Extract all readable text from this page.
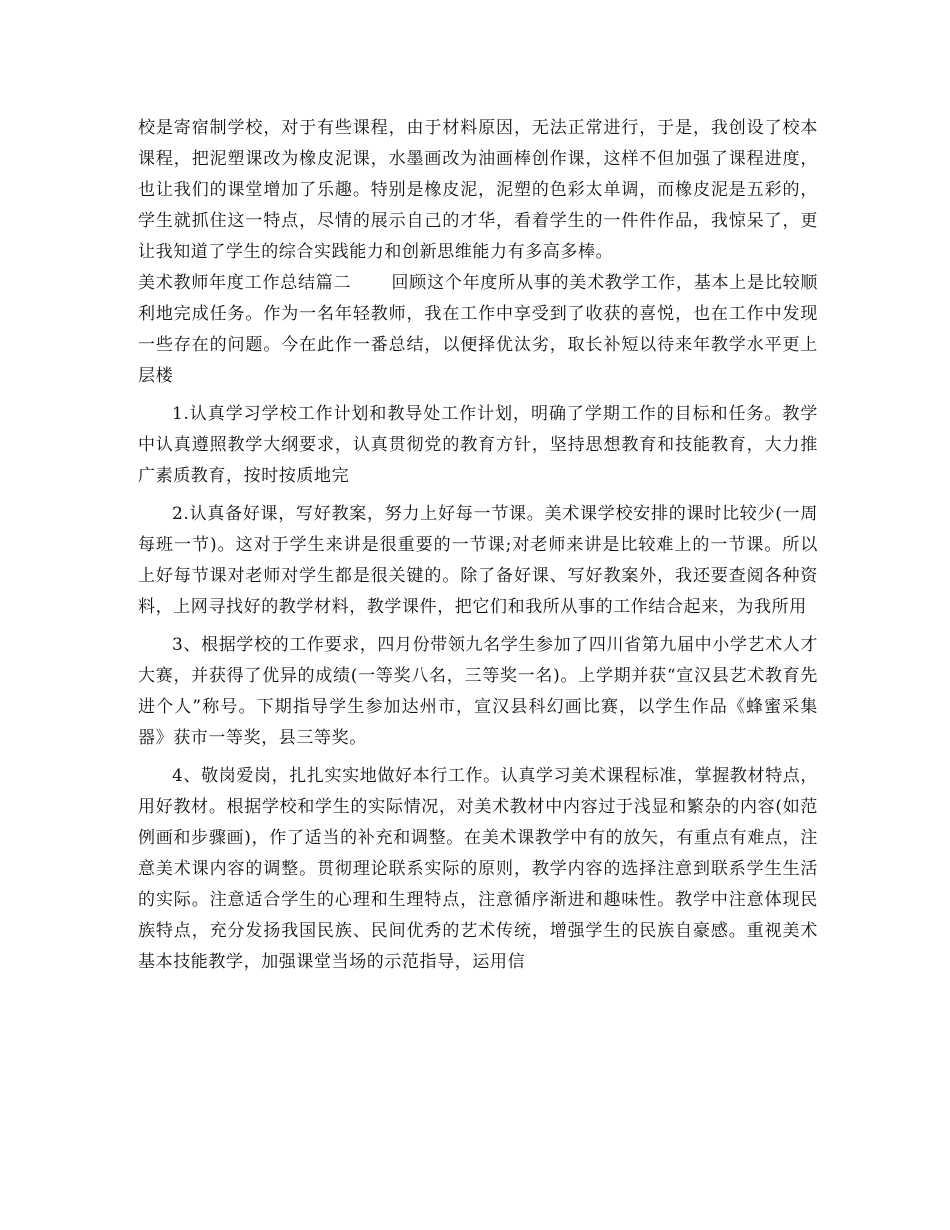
校是寄宿制学校，对于有些课程，由于材料原因，无法正常进行，于是，我创设了校本课程，把泥塑课改为橡皮泥课，水墨画改为油画棒创作课，这样不但加强了课程进度，也让我们的课堂增加了乐趣。特别是橡皮泥，泥塑的色彩太单调，而橡皮泥是五彩的，学生就抓住这一特点，尽情的展示自己的才华，看着学生的一件件作品，我惊呆了，更让我知道了学生的综合实践能力和创新思维能力有多高多棒。

美术教师年度工作总结篇二 回顾这个年度所从事的美术教学工作，基本上是比较顺利地完成任务。作为一名年轻教师，我在工作中享受到了收获的喜悦，也在工作中发现一些存在的问题。今在此作一番总结，以便择优汰劣，取长补短以待来年教学水平更上层楼

1.认真学习学校工作计划和教导处工作计划，明确了学期工作的目标和任务。教学中认真遵照教学大纲要求，认真贯彻党的教育方针，坚持思想教育和技能教育，大力推广素质教育，按时按质地完

2.认真备好课，写好教案，努力上好每一节课。美术课学校安排的课时比较少(一周每班一节)。这对于学生来讲是很重要的一节课;对老师来讲是比较难上的一节课。所以上好每节课对老师对学生都是很关键的。除了备好课、写好教案外，我还要查阅各种资料，上网寻找好的教学材料，教学课件，把它们和我所从事的工作结合起来，为我所用

3、根据学校的工作要求，四月份带领九名学生参加了四川省第九届中小学艺术人才大赛，并获得了优异的成绩(一等奖八名，三等奖一名)。上学期并获“宣汉县艺术教育先进个人”称号。下期指导学生参加达州市，宣汉县科幻画比赛，以学生作品《蜂蜜采集器》获市一等奖，县三等奖。

4、敬岗爱岗，扎扎实实地做好本行工作。认真学习美术课程标准，掌握教材特点，用好教材。根据学校和学生的实际情况，对美术教材中内容过于浅显和繁杂的内容(如范例画和步骤画)，作了适当的补充和调整。在美术课教学中有的放矢，有重点有难点，注意美术课内容的调整。贯彻理论联系实际的原则，教学内容的选择注意到联系学生生活的实际。注意适合学生的心理和生理特点，注意循序渐进和趣味性。教学中注意体现民族特点，充分发扬我国民族、民间优秀的艺术传统，增强学生的民族自豪感。重视美术基本技能教学，加强课堂当场的示范指导，运用信
